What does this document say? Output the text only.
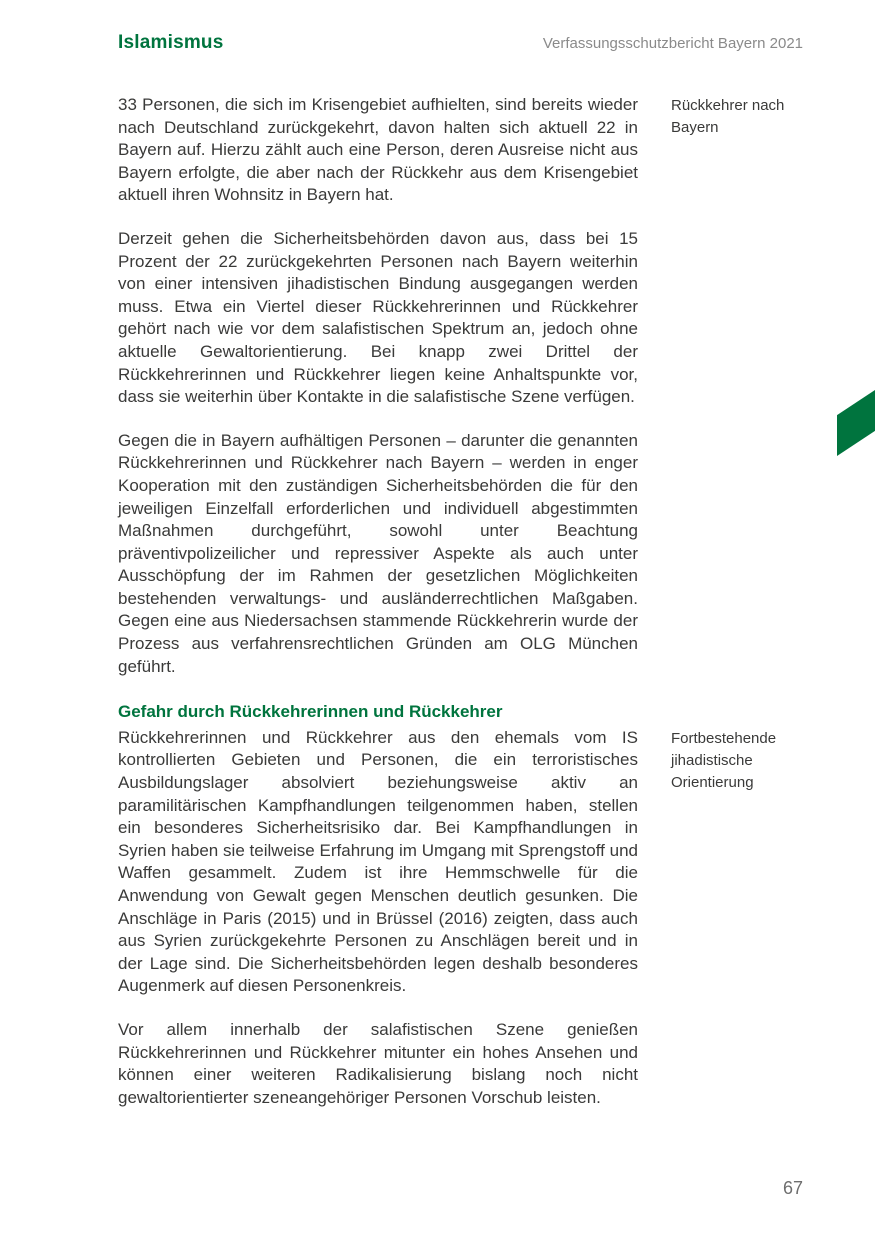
Islamismus	Verfassungsschutzbericht Bayern 2021

33 Personen, die sich im Krisengebiet aufhielten, sind bereits wieder nach Deutschland zurückgekehrt, davon halten sich aktuell 22 in Bayern auf. Hierzu zählt auch eine Person, deren Ausreise nicht aus Bayern erfolgte, die aber nach der Rückkehr aus dem Krisengebiet aktuell ihren Wohnsitz in Bayern hat.

Rückkehrer nach Bayern

Derzeit gehen die Sicherheitsbehörden davon aus, dass bei 15 Prozent der 22 zurückgekehrten Personen nach Bayern weiterhin von einer intensiven jihadistischen Bindung ausgegangen werden muss. Etwa ein Viertel dieser Rückkehrerinnen und Rückkehrer gehört nach wie vor dem salafistischen Spektrum an, jedoch ohne aktuelle Gewaltorientierung. Bei knapp zwei Drittel der Rückkehrerinnen und Rückkehrer liegen keine Anhaltspunkte vor, dass sie weiterhin über Kontakte in die salafistische Szene verfügen.

Gegen die in Bayern aufhältigen Personen – darunter die genannten Rückkehrerinnen und Rückkehrer nach Bayern – werden in enger Kooperation mit den zuständigen Sicherheitsbehörden die für den jeweiligen Einzelfall erforderlichen und individuell abgestimmten Maßnahmen durchgeführt, sowohl unter Beachtung präventivpolizeilicher und repressiver Aspekte als auch unter Ausschöpfung der im Rahmen der gesetzlichen Möglichkeiten bestehenden verwaltungs- und ausländerrechtlichen Maßgaben. Gegen eine aus Niedersachsen stammende Rückkehrerin wurde der Prozess aus verfahrensrechtlichen Gründen am OLG München geführt.

Gefahr durch Rückkehrerinnen und Rückkehrer

Rückkehrerinnen und Rückkehrer aus den ehemals vom IS kontrollierten Gebieten und Personen, die ein terroristisches Ausbildungslager absolviert beziehungsweise aktiv an paramilitärischen Kampfhandlungen teilgenommen haben, stellen ein besonderes Sicherheitsrisiko dar. Bei Kampfhandlungen in Syrien haben sie teilweise Erfahrung im Umgang mit Sprengstoff und Waffen gesammelt. Zudem ist ihre Hemmschwelle für die Anwendung von Gewalt gegen Menschen deutlich gesunken. Die Anschläge in Paris (2015) und in Brüssel (2016) zeigten, dass auch aus Syrien zurückgekehrte Personen zu Anschlägen bereit und in der Lage sind. Die Sicherheitsbehörden legen deshalb besonderes Augenmerk auf diesen Personenkreis.

Fortbestehende jihadistische Orientierung

Vor allem innerhalb der salafistischen Szene genießen Rückkehrerinnen und Rückkehrer mitunter ein hohes Ansehen und können einer weiteren Radikalisierung bislang noch nicht gewaltorientierter szeneangehöriger Personen Vorschub leisten.

67
